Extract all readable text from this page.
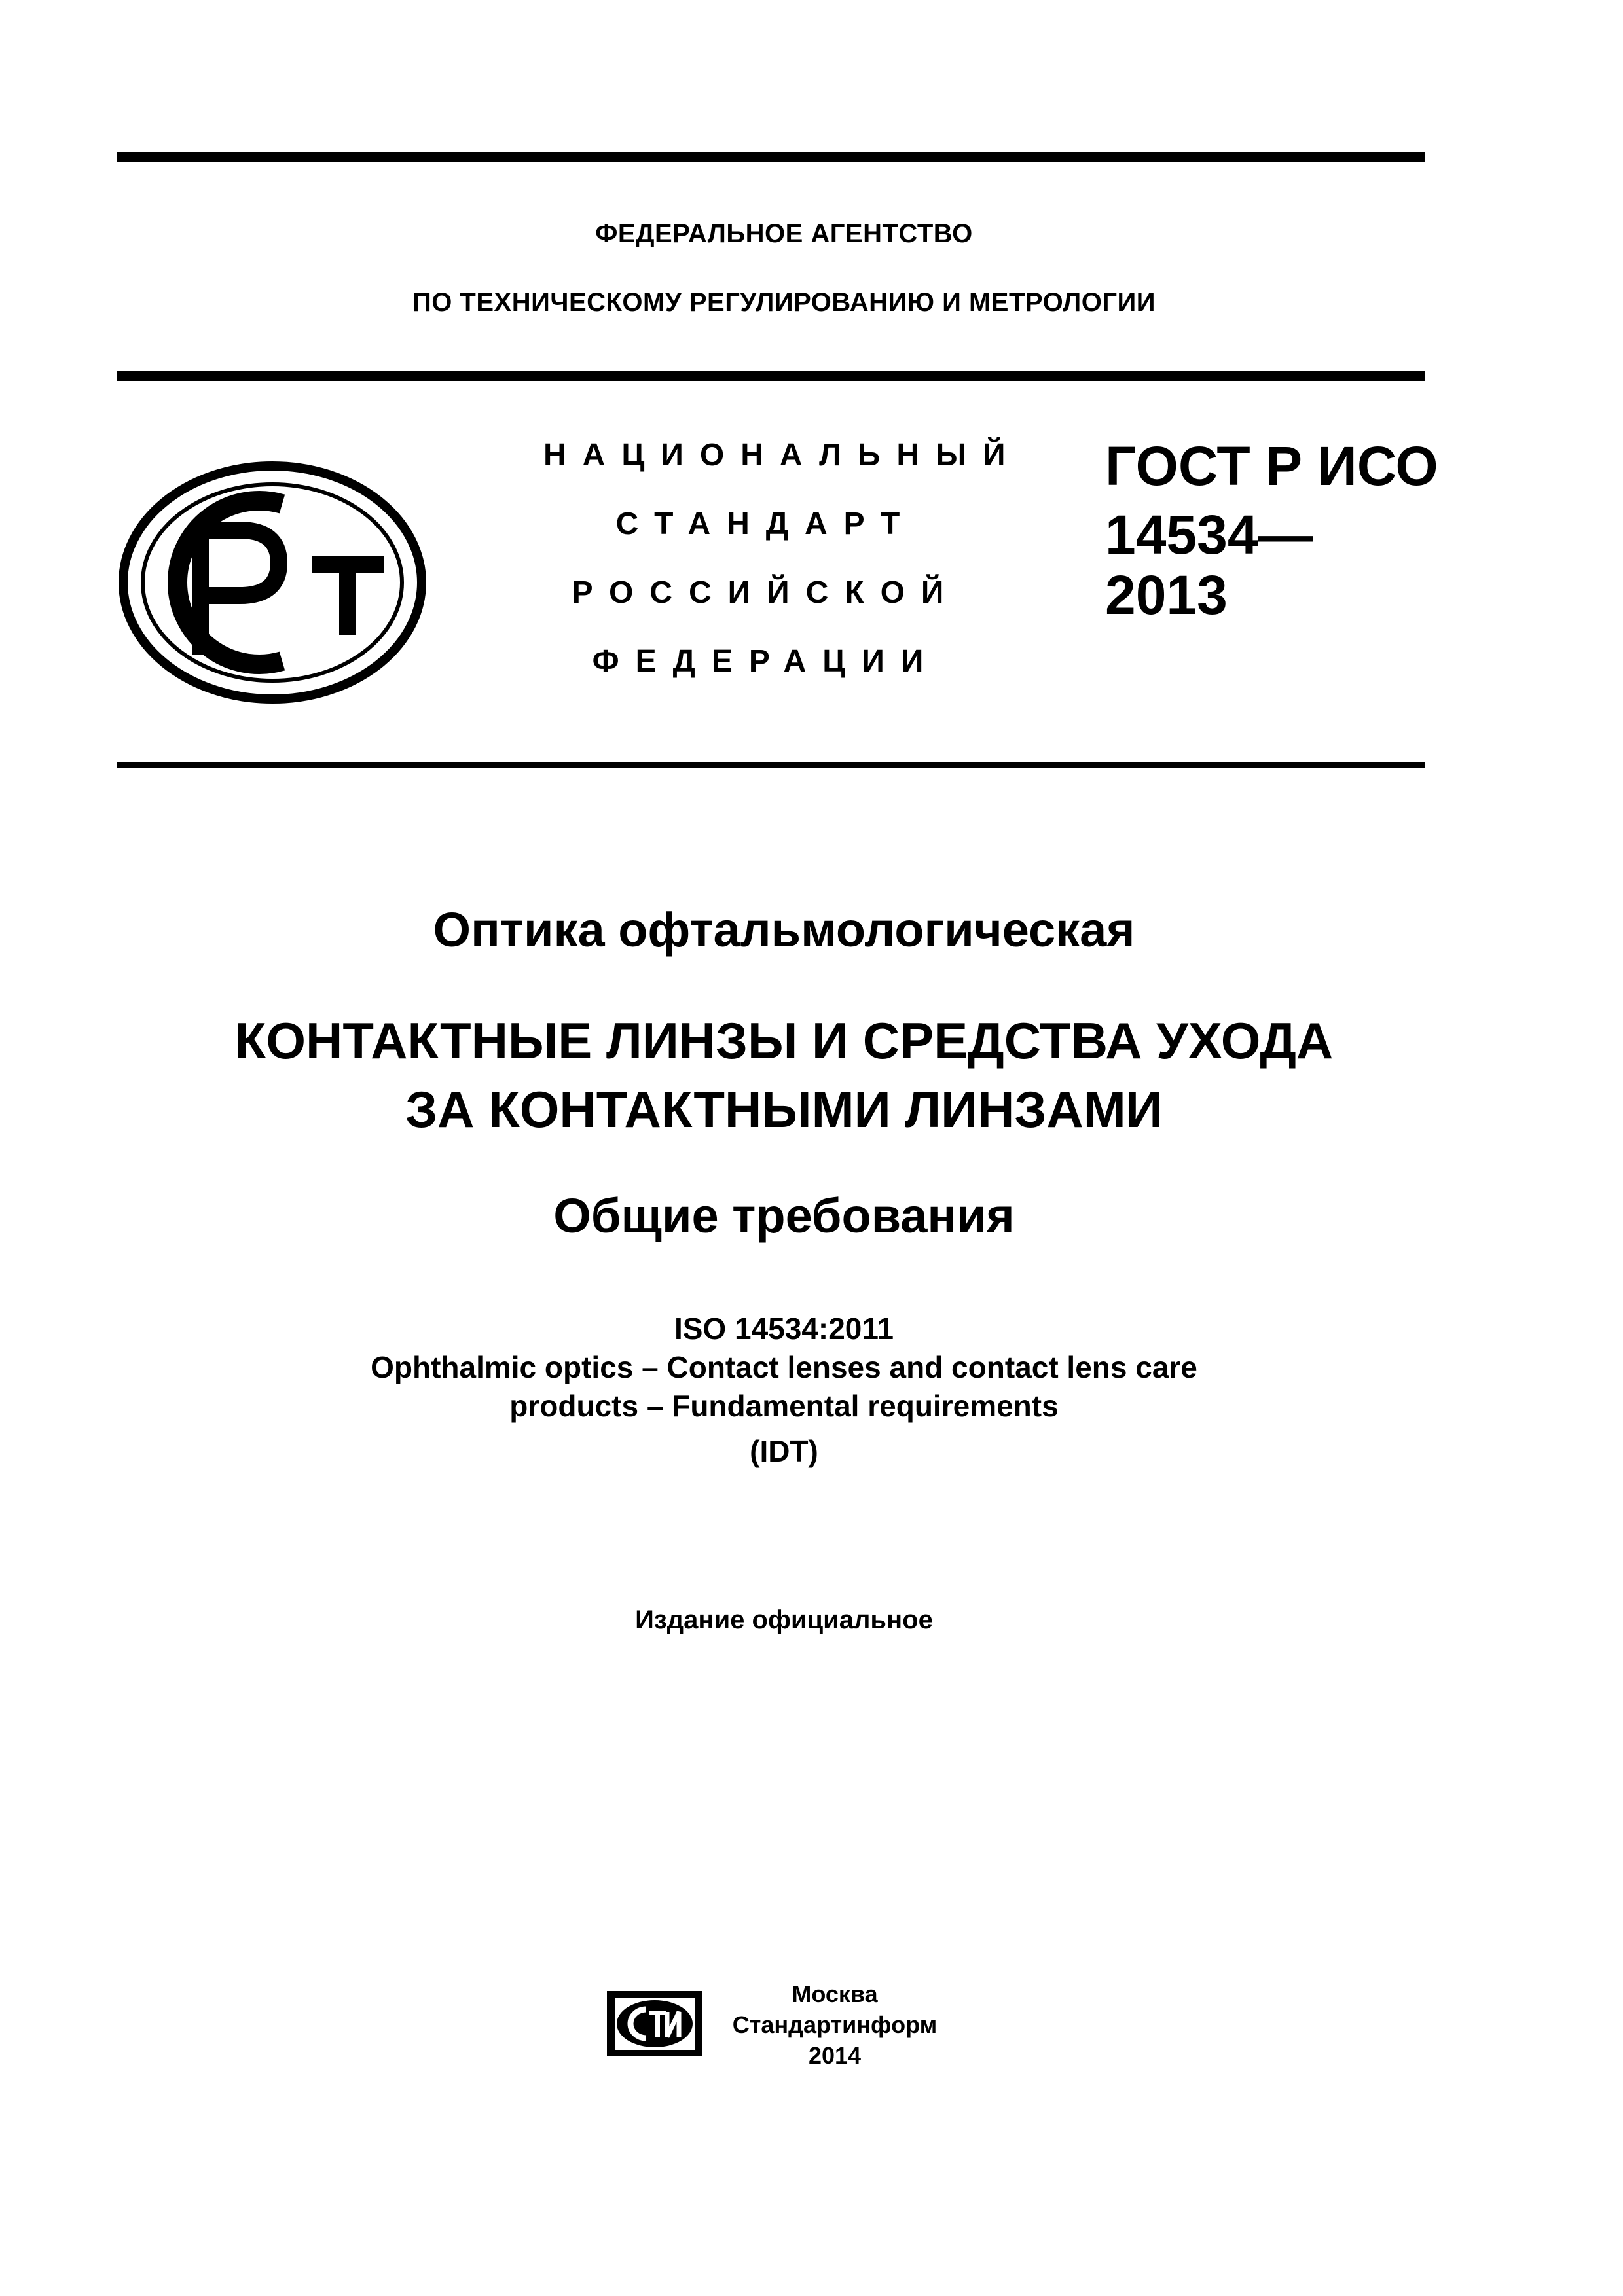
ФЕДЕРАЛЬНОЕ АГЕНТСТВО
ПО ТЕХНИЧЕСКОМУ РЕГУЛИРОВАНИЮ И МЕТРОЛОГИИ
НАЦИОНАЛЬНЫЙ
СТАНДАРТ
РОССИЙСКОЙ
ФЕДЕРАЦИИ
ГОСТ Р ИСО
14534—
2013
Оптика офтальмологическая
КОНТАКТНЫЕ ЛИНЗЫ И СРЕДСТВА УХОДА
ЗА КОНТАКТНЫМИ ЛИНЗАМИ
Общие требования
ISO 14534:2011
Ophthalmic optics – Contact lenses and contact lens care
products – Fundamental requirements
(IDT)
Издание официальное
Москва
Стандартинформ
2014
